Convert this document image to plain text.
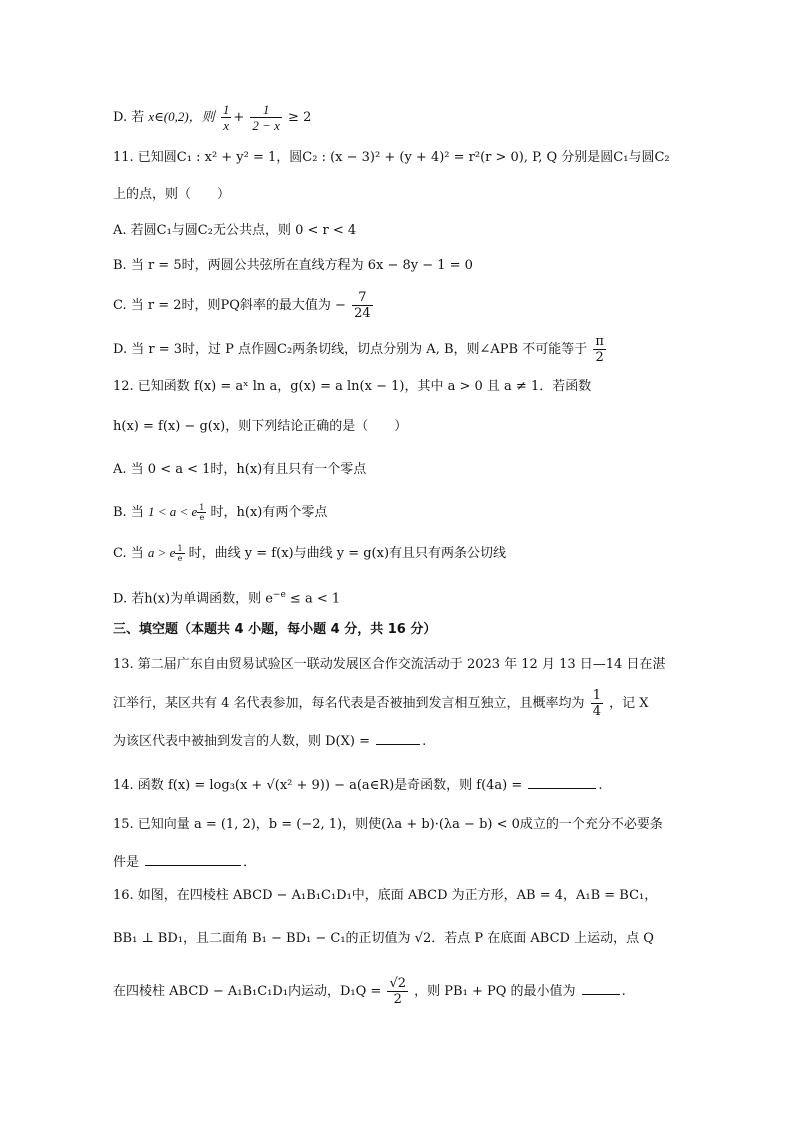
D. 若 x∈(0,2)，则 $\frac{1}{x} + \frac{1}{2 - x} \ge 2$
11. 已知圆C₁ : x² + y² = 1，圆C₂ : (x − 3)² + (y + 4)² = r²(r > 0), P, Q 分别是圆C₁与圆C₂
上的点，则（　　）
A. 若圆C₁与圆C₂无公共点，则 0 < r < 4
B. 当 r = 5时，两圆公共弦所在直线方程为 6x − 8y − 1 = 0
C. 当 r = 2时，则PQ斜率的最大值为 − $\frac{7}{24}$
D. 当 r = 3时，过 P 点作圆C₂两条切线，切点分别为 A, B，则∠APB 不可能等于 $\frac{\pi}{2}$
12. 已知函数 f(x) = aˣ ln a，g(x) = a ln(x − 1)，其中 a > 0 且 a ≠ 1．若函数
h(x) = f(x) − g(x)，则下列结论正确的是（　　）
A. 当 0 < a < 1时，h(x)有且只有一个零点
B. 当 1 < a < e $\frac{1}{e}$ 时，h(x)有两个零点
C. 当 a > e $\frac{1}{e}$ 时，曲线 y = f(x)与曲线 y = g(x)有且只有两条公切线
D. 若h(x)为单调函数，则 $e^{-e} \le a < 1$
三、填空题（本题共 4 小题，每小题 4 分，共 16 分）
13. 第二届广东自由贸易试验区一联动发展区合作交流活动于 2023 年 12 月 13 日—14 日在湛
江举行，某区共有 4 名代表参加，每名代表是否被抽到发言相互独立，且概率均为 $\frac{1}{4}$ ，记 X
为该区代表中被抽到发言的人数，则 D(X) =	.
14. 函数 f(x) = log₃(x + √(x² + 9)) − a(a∈R)是奇函数，则 f(4a) =	.
15. 已知向量 a = (1, 2)，b = (−2, 1)，则使(λa + b)·(λa − b) < 0成立的一个充分不必要条
件是	．
16. 如图，在四棱柱 ABCD − A₁B₁C₁D₁中，底面 ABCD 为正方形，AB = 4，A₁B = BC₁，
BB₁ ⊥ BD₁，且二面角 B₁ − BD₁ − C₁的正切值为 √2．若点 P 在底面 ABCD 上运动，点 Q
在四棱柱 ABCD − A₁B₁C₁D₁内运动，$D_1Q = \frac{√2}{2}$ ，则 PB₁ + PQ 的最小值为	.
